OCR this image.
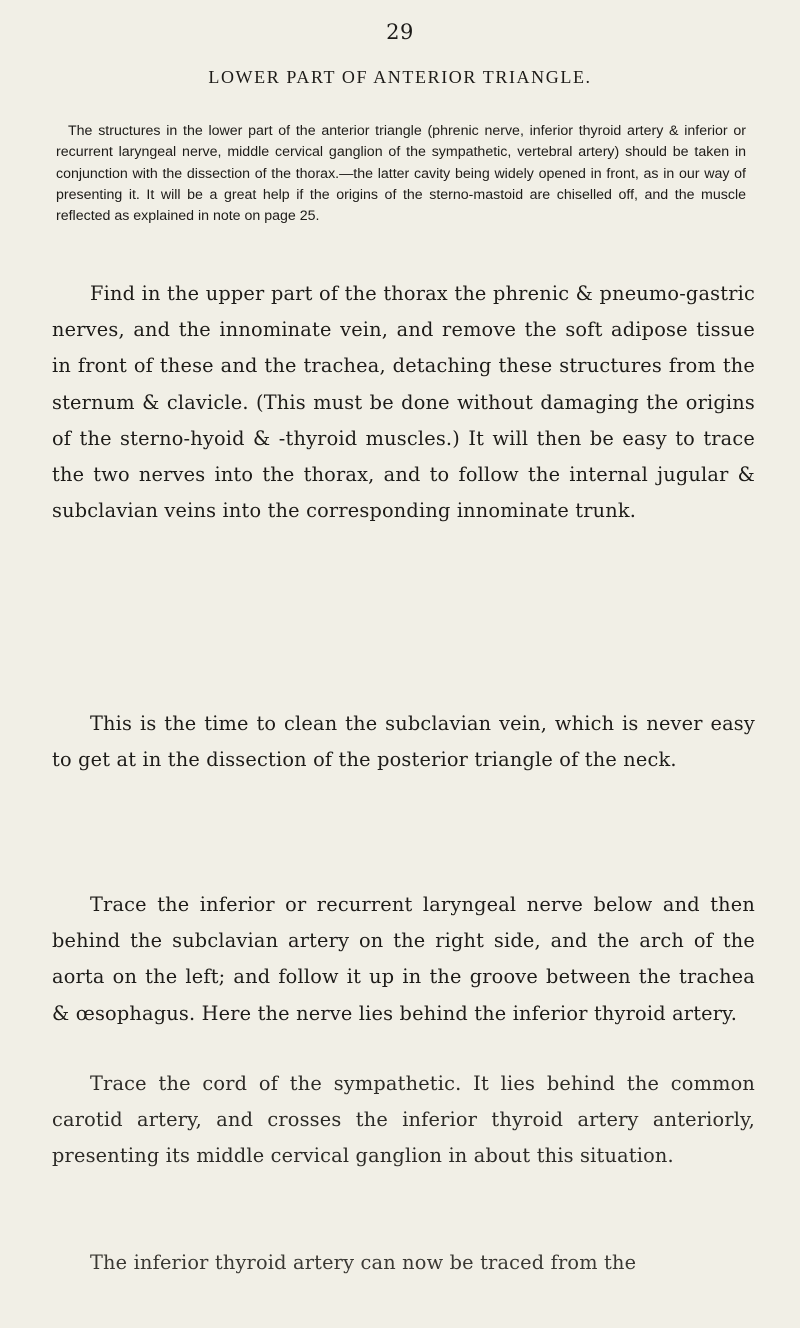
29
LOWER PART OF ANTERIOR TRIANGLE.

The structures in the lower part of the anterior triangle (phrenic nerve, inferior thyroid artery & inferior or recurrent laryngeal nerve, middle cervical ganglion of the sympathetic, vertebral artery) should be taken in conjunction with the dissection of the thorax.—the latter cavity being widely opened in front, as in our way of presenting it. It will be a great help if the origins of the sterno-mastoid are chiselled off, and the muscle reflected as explained in note on page 25.

Find in the upper part of the thorax the phrenic & pneumo-gastric nerves, and the innominate vein, and remove the soft adipose tissue in front of these and the trachea, detaching these structures from the sternum & clavicle. (This must be done without damaging the origins of the sterno-hyoid & -thyroid muscles.) It will then be easy to trace the two nerves into the thorax, and to follow the internal jugular & subclavian veins into the corresponding innominate trunk.

This is the time to clean the subclavian vein, which is never easy to get at in the dissection of the posterior triangle of the neck.

Trace the inferior or recurrent laryngeal nerve below and then behind the subclavian artery on the right side, and the arch of the aorta on the left; and follow it up in the groove between the trachea & œsophagus. Here the nerve lies behind the inferior thyroid artery.

Trace the cord of the sympathetic. It lies behind the common carotid artery, and crosses the inferior thyroid artery anteriorly, presenting its middle cervical ganglion in about this situation.

The inferior thyroid artery can now be traced from the
